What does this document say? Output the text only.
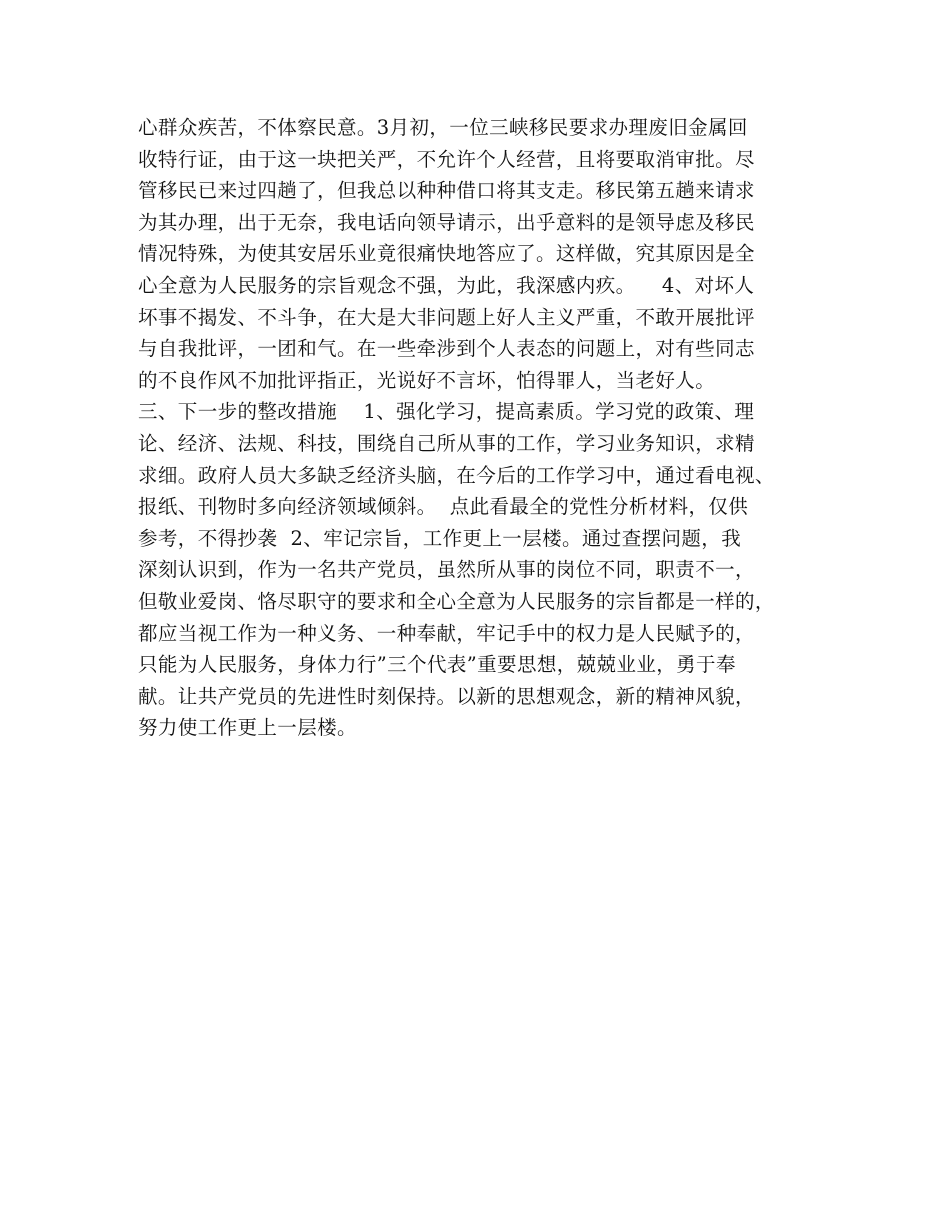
心群众疾苦，不体察民意。3月初，一位三峡移民要求办理废旧金属回
收特行证，由于这一块把关严，不允许个人经营，且将要取消审批。尽
管移民已来过四趟了，但我总以种种借口将其支走。移民第五趟来请求
为其办理，出于无奈，我电话向领导请示，出乎意料的是领导虑及移民
情况特殊，为使其安居乐业竟很痛快地答应了。这样做，究其原因是全
心全意为人民服务的宗旨观念不强，为此，我深感内疚。    4、对坏人
坏事不揭发、不斗争，在大是大非问题上好人主义严重，不敢开展批评
与自我批评，一团和气。在一些牵涉到个人表态的问题上，对有些同志
的不良作风不加批评指正，光说好不言坏，怕得罪人，当老好人。
三、下一步的整改措施    1、强化学习，提高素质。学习党的政策、理
论、经济、法规、科技，围绕自己所从事的工作，学习业务知识，求精
求细。政府人员大多缺乏经济头脑，在今后的工作学习中，通过看电视、
报纸、刊物时多向经济领域倾斜。  点此看最全的党性分析材料，仅供
参考，不得抄袭  2、牢记宗旨，工作更上一层楼。通过查摆问题，我
深刻认识到，作为一名共产党员，虽然所从事的岗位不同，职责不一，
但敬业爱岗、恪尽职守的要求和全心全意为人民服务的宗旨都是一样的，
都应当视工作为一种义务、一种奉献，牢记手中的权力是人民赋予的，
只能为人民服务，身体力行”三个代表”重要思想，兢兢业业，勇于奉
献。让共产党员的先进性时刻保持。以新的思想观念，新的精神风貌，
努力使工作更上一层楼。
